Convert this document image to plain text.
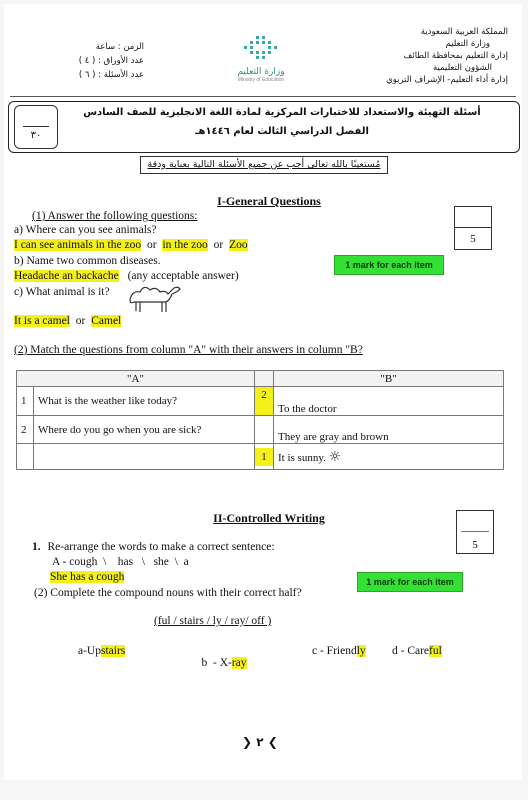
المملكة العربية السعودية
وزارة التعليم
إدارة التعليم بمحافظة الطائف
الشؤون التعليمية
إدارة أداء التعليم- الإشراف التربوي
وزارة التعليم
Ministry of Education
الزمن : ساعة
عدد الأوراق : ( ٤ )
عدد الأسئلة : ( ٦ )
٣٠
أسئلة التهيئة والاستعداد للاختبارات المركزية لمادة اللغة الانجليزية للصف السادس
الفصل الدراسي الثالث لعام ١٤٤٦هـ
مُستعينًا بالله تعالى أجب عن جميع الأسئلة التالية بعناية ودقة
I-General Questions
5
(1) Answer the following questions:
a) Where can you see animals?
I can see animals in the zoo or in the zoo or Zoo
b) Name two common diseases.
Headache an backache (any acceptable answer)
1 mark for each item
c) What animal is it?
It is a camel or Camel
(2) Match the questions from column "A" with their answers in column "B?
"A"			"B"
1	What is the weather like today?	2	To the doctor
2	Where do you go when you are sick?		They are gray and brown

		1	It is sunny. ☼
II-Controlled Writing
5
1. Re-arrange the words to make a correct sentence:
A - cough  \    has   \   she  \  a
She has a cough	1 mark for each item
(2) Complete the compound nouns with their correct half?
(ful / stairs / ly / ray/ off )
a-Upstairs

b  - X-ray

c - Friendly d - Careful
❯ ٢ ❮
